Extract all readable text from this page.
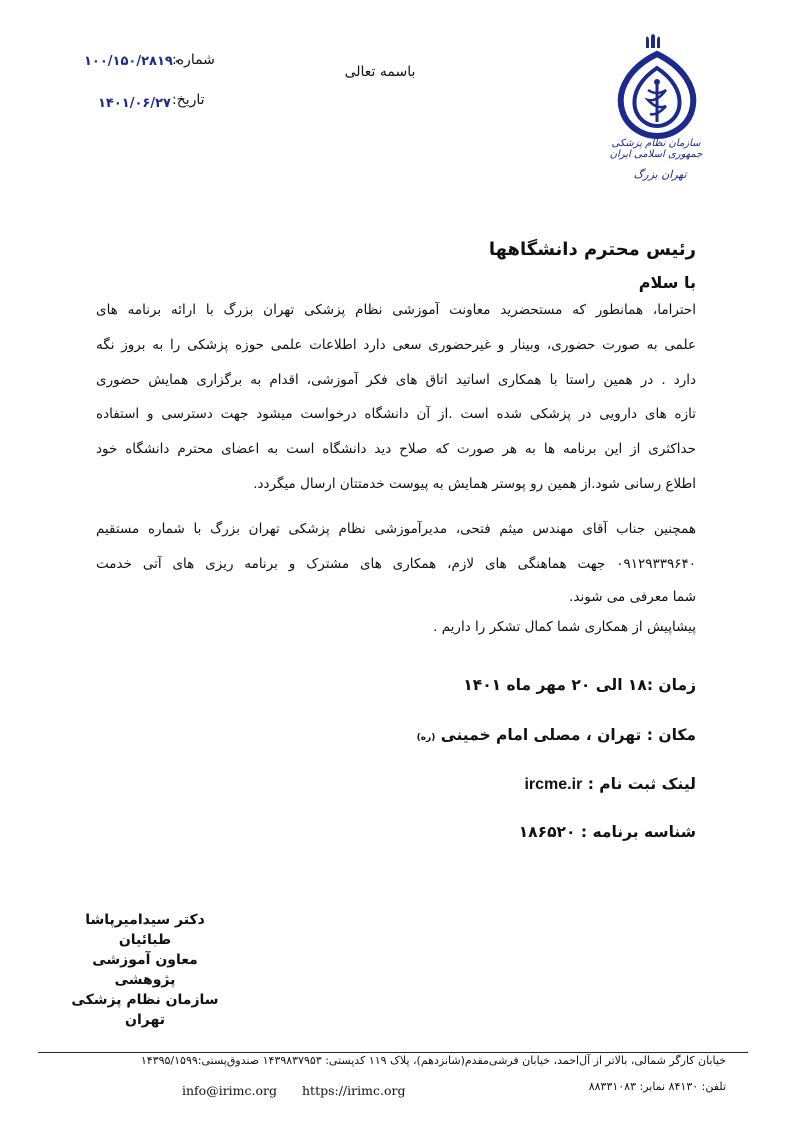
سازمان نظام پزشکی جمهوری اسلامی ایران
تهران بزرگ
باسمه تعالی
شماره:
۱۰۰/۱۵۰/۲۸۱۹۰
تاریخ:
۱۴۰۱/۰۶/۲۷
رئیس محترم دانشگاهها
با سلام
احتراما، همانطور که مستحضرید معاونت آموزشی نظام پزشکی تهران بزرگ با ارائه برنامه های
علمی به صورت حضوری، وبینار و غیرحضوری سعی دارد اطلاعات علمی حوزه پزشکی را به بروز نگه
دارد . در همین راستا با همکاری اساتید اتاق های فکر آموزشی، اقدام به برگزاری همایش حضوری
تازه های دارویی در پزشکی شده است .از آن دانشگاه درخواست میشود جهت دسترسی و استفاده
حداکثری از این برنامه ها به هر صورت که صلاح دید دانشگاه است به اعضای محترم دانشگاه خود
اطلاع رسانی شود.از همین رو پوستر همایش به پیوست خدمتتان ارسال میگردد.
همچنین جناب آقای مهندس میثم فتحی، مدیرآموزشی نظام پزشکی تهران بزرگ با شماره مستقیم
۰۹۱۲۹۳۳۹۶۴۰ جهت هماهنگی های لازم، همکاری های مشترک و برنامه ریزی های آتی خدمت
شما معرفی می شوند.
پیشاپیش از همکاری شما کمال تشکر را داریم .
زمان :۱۸ الی ۲۰ مهر ماه ۱۴۰۱
مکان : تهران ، مصلی امام خمینی (ره)
لینک ثبت نام : ircme.ir
شناسه برنامه : ۱۸۶۵۲۰
دکتر سیدامیرپاشا طبائیان
معاون آموزشی پژوهشی
سازمان نظام پزشکی تهران
خیابان کارگر شمالی، بالاتر از آل‌احمد، خیابان فرشی‌مقدم(شانزدهم)، پلاک ۱۱۹ کدپستی: ۱۴۳۹۸۳۷۹۵۳ صندوق‌پستی:۱۴۳۹۵/۱۵۹۹
تلفن: ۸۴۱۳۰ نمابر: ۸۸۳۳۱۰۸۳
https://irimc.org
info@irimc.org
